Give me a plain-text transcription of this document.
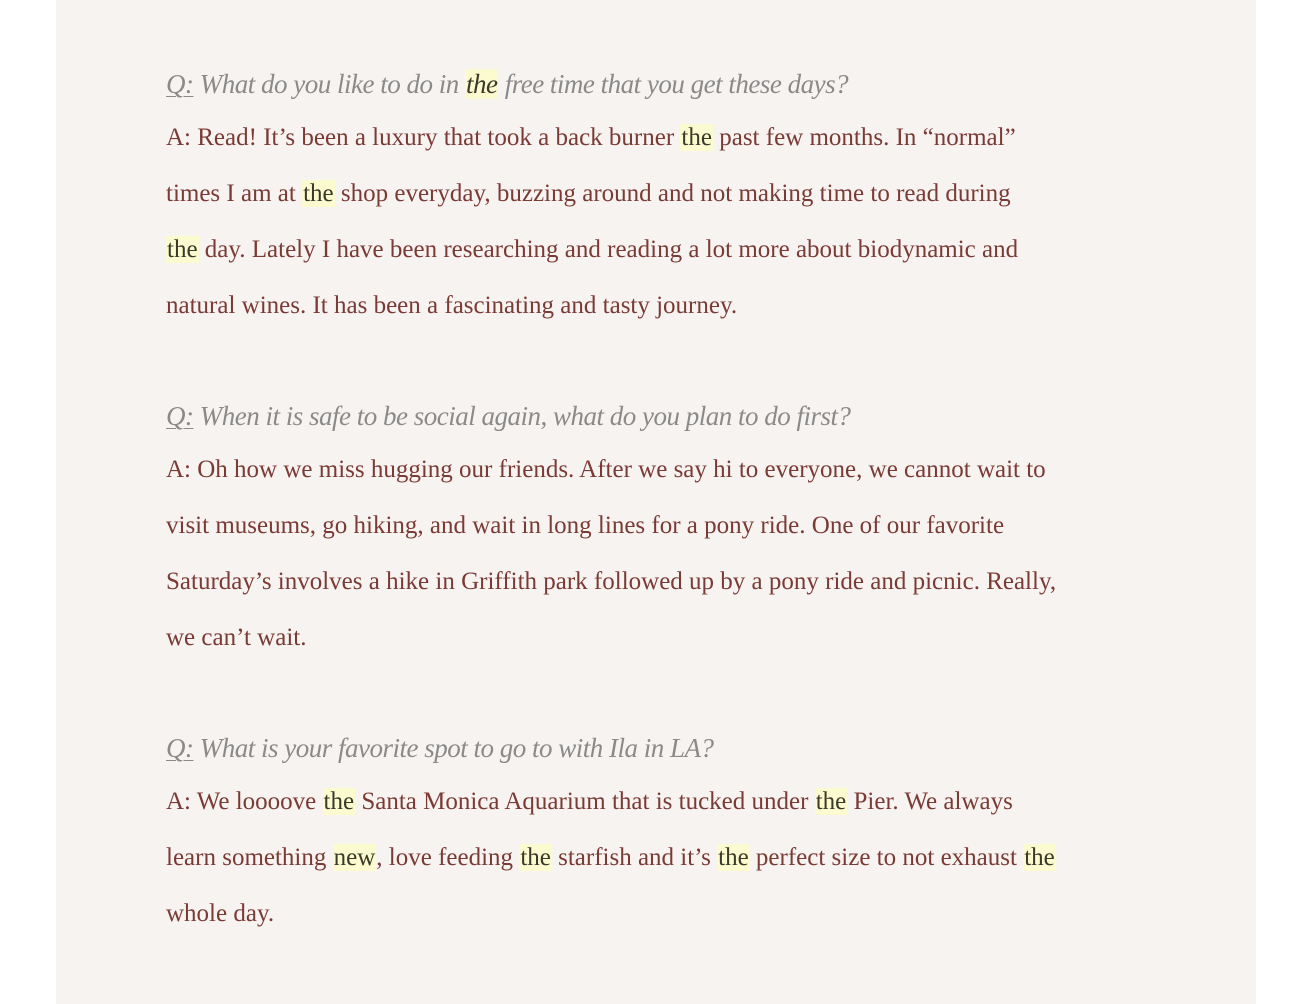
Q: What do you like to do in the free time that you get these days?

A: Read! It’s been a luxury that took a back burner the past few months. In “normal”
times I am at the shop everyday, buzzing around and not making time to read during
the day. Lately I have been researching and reading a lot more about biodynamic and
natural wines. It has been a fascinating and tasty journey.

Q: When it is safe to be social again, what do you plan to do first?

A: Oh how we miss hugging our friends. After we say hi to everyone, we cannot wait to
visit museums, go hiking, and wait in long lines for a pony ride. One of our favorite
Saturday’s involves a hike in Griffith park followed up by a pony ride and picnic. Really,
we can’t wait.

Q: What is your favorite spot to go to with Ila in LA?

A: We loooove the Santa Monica Aquarium that is tucked under the Pier. We always
learn something new, love feeding the starfish and it’s the perfect size to not exhaust the
whole day.
